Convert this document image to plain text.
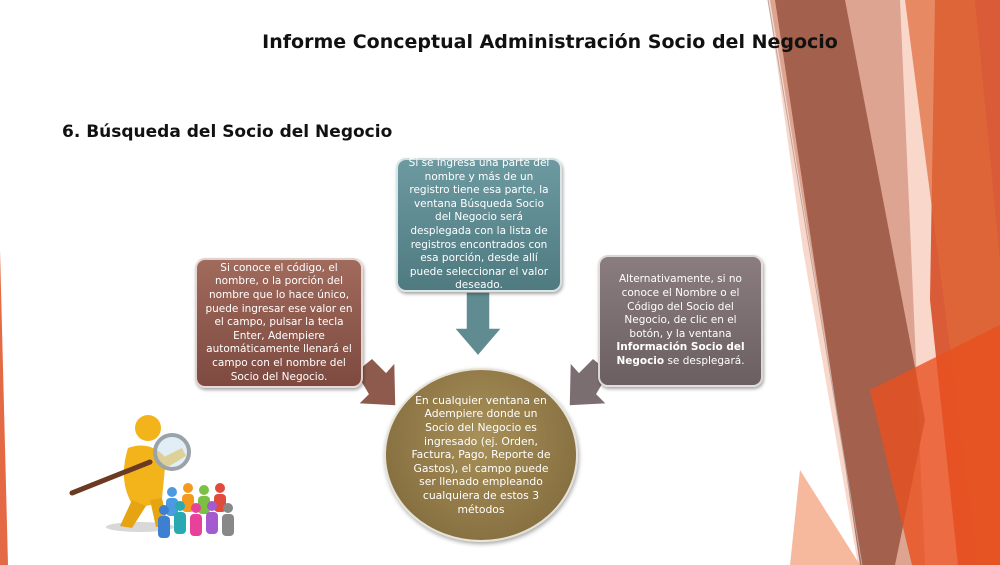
Informe Conceptual Administración Socio del Negocio
6. Búsqueda del Socio del Negocio
Si conoce el código, el nombre, o la porción del nombre que lo hace único, puede ingresar ese valor en el campo, pulsar la tecla Enter, Adempiere automáticamente llenará el campo con el nombre del Socio del Negocio.
Si se ingresa una parte del nombre y más de un registro tiene esa parte, la ventana Búsqueda Socio del Negocio será desplegada con la lista de registros encontrados con esa porción, desde allí puede seleccionar el valor deseado.	Alternativamente, si no conoce el Nombre o el Código del Socio del Negocio, de clic en el botón, y la ventana Información Socio del Negocio se desplegará.
En cualquier ventana en Adempiere donde un Socio del Negocio es ingresado (ej. Orden, Factura, Pago, Reporte de Gastos), el campo puede ser llenado empleando cualquiera de estos 3 métodos
